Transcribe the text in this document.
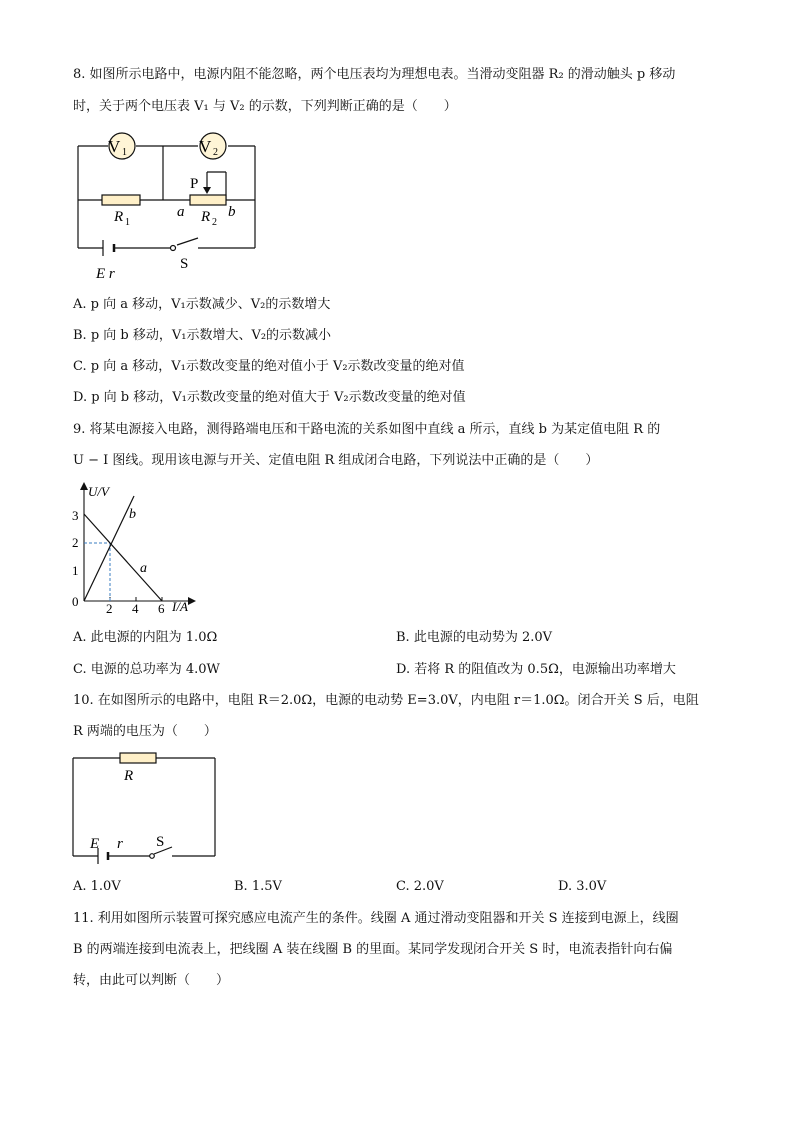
8. 如图所示电路中，电源内阻不能忽略，两个电压表均为理想电表。当滑动变阻器 R₂ 的滑动触头 p 移动
时，关于两个电压表 V₁ 与 V₂ 的示数，下列判断正确的是（　　）
V 1	V 2
P
R 1
a R 2
b
E r
S
A. p 向 a 移动，V₁示数减少、V₂的示数增大
B. p 向 b 移动，V₁示数增大、V₂的示数减小
C. p 向 a 移动，V₁示数改变量的绝对值小于 V₂示数改变量的绝对值
D. p 向 b 移动，V₁示数改变量的绝对值大于 V₂示数改变量的绝对值
9. 将某电源接入电路，测得路端电压和干路电流的关系如图中直线 a 所示，直线 b 为某定值电阻 R 的
U − I 图线。现用该电源与开关、定值电阻 R 组成闭合电路，下列说法中正确的是（　　）
U/V
I/A
3
2
1
0 2 4 6
a
b
A. 此电源的内阻为 1.0Ω	B. 此电源的电动势为 2.0V
C. 电源的总功率为 4.0W	D. 若将 R 的阻值改为 0.5Ω，电源输出功率增大
10. 在如图所示的电路中，电阻 R＝2.0Ω，电源的电动势 E=3.0V，内电阻 r＝1.0Ω。闭合开关 S 后，电阻
R 两端的电压为（　　）
R
E r S
A. 1.0V	B. 1.5V	C. 2.0V	D. 3.0V
11. 利用如图所示装置可探究感应电流产生的条件。线圈 A 通过滑动变阻器和开关 S 连接到电源上，线圈
B 的两端连接到电流表上，把线圈 A 装在线圈 B 的里面。某同学发现闭合开关 S 时，电流表指针向右偏
转，由此可以判断（　　）
